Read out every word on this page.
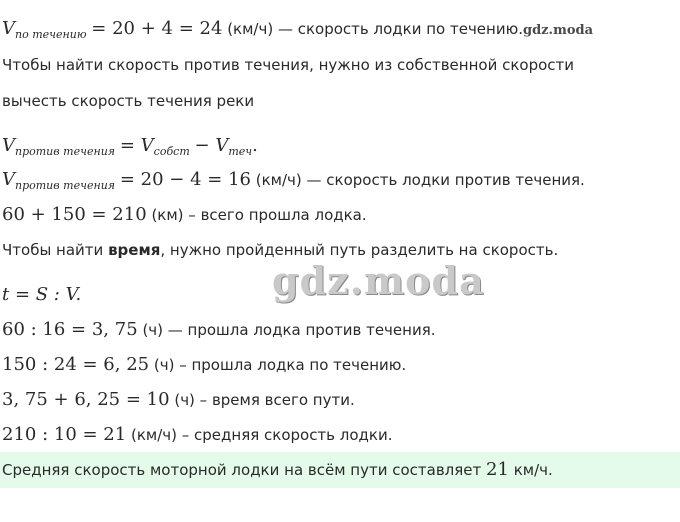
$V_{по течению} = 20 + 4 = 24$ (км/ч) — скорость лодки по течению.gdz.moda
Чтобы найти скорость против течения, нужно из собственной скорости
вычесть скорость течения реки
$V_{против течения} = V_{собст} - V_{теч}$.
$V_{против течения} = 20 - 4 = 16$ (км/ч) — скорость лодки против течения.
60 + 150 = 210 (км) – всего прошла лодка.
Чтобы найти время, нужно пройденный путь разделить на скорость.
gdz.moda
t = S : V.
60 : 16 = 3, 75 (ч) — прошла лодка против течения.
150 : 24 = 6, 25 (ч) – прошла лодка по течению.
3, 75 + 6, 25 = 10 (ч) – время всего пути.
210 : 10 = 21 (км/ч) – средняя скорость лодки.
Средняя скорость моторной лодки на всём пути составляет 21 км/ч.
